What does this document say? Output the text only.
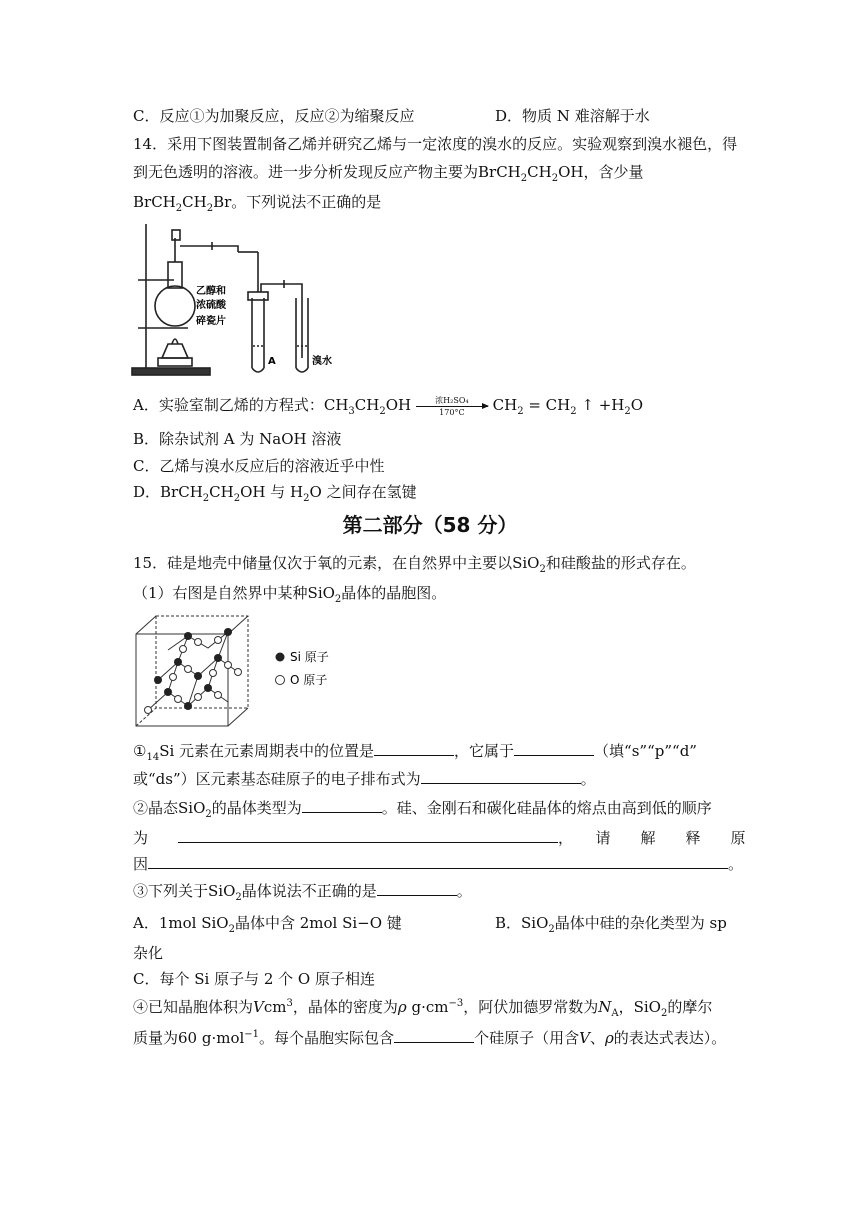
C．反应①为加聚反应，反应②为缩聚反应	D．物质 N 难溶解于水
14．采用下图装置制备乙烯并研究乙烯与一定浓度的溴水的反应。实验观察到溴水褪色，得
到无色透明的溶液。进一步分析发现反应产物主要为$BrCH_2CH_2OH$，含少量
$BrCH_2CH_2Br$。下列说法不正确的是
乙醇和
浓硫酸
碎瓷片
A	溴水
A．实验室制乙烯的方程式：$CH_3CH_2OH$	浓H₂SO₄
170°C	$CH_2 = CH_2$ ↑ $+H_2O$
B．除杂试剂 A 为 NaOH 溶液
C．乙烯与溴水反应后的溶液近乎中性
D．$BrCH_2CH_2OH$ 与 $H_2O$ 之间存在氢键
第二部分（58 分）
15．硅是地壳中储量仅次于氧的元素，在自然界中主要以SiO$_2$和硅酸盐的形式存在。
（1）右图是自然界中某种SiO$_2$晶体的晶胞图。
Si 原子
O 原子
$①_{14}Si$ 元素在元素周期表中的位置是	，它属于	（填“s”“p”“d”
或“ds”）区元素基态硅原子的电子排布式为	。
②晶态SiO$_2$的晶体类型为	。硅、金刚石和碳化硅晶体的熔点由高到低的顺序
为	，　　请　　解　　释　　原
因	。
③下列关于SiO$_2$晶体说法不正确的是	。
A．1mol SiO$_2$晶体中含 2mol Si−O 键	B．SiO$_2$晶体中硅的杂化类型为 sp
杂化
C．每个 Si 原子与 2 个 O 原子相连
④已知晶胞体积为Vcm$^3$，晶体的密度为ρ $g\cdot cm^{-3}$，阿伏加德罗常数为$N_A$，SiO$_2$的摩尔
质量为60 g·mol$^{-1}$。每个晶胞实际包含	个硅原子（用含V、ρ的表达式表达）。
